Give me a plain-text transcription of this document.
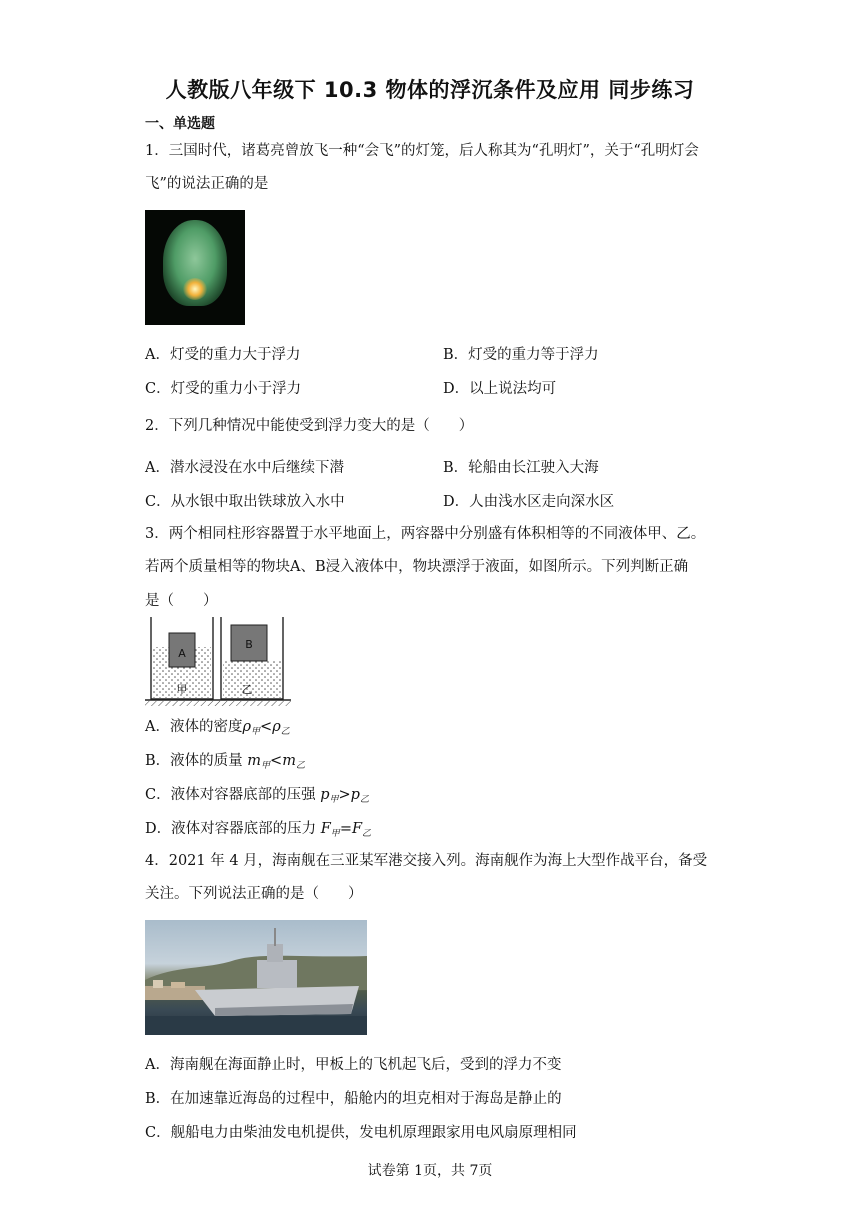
人教版八年级下 10.3 物体的浮沉条件及应用 同步练习
一、单选题
1．三国时代，诸葛亮曾放飞一种“会飞”的灯笼，后人称其为“孔明灯”，关于“孔明灯会
飞”的说法正确的是
A．灯受的重力大于浮力	B．灯受的重力等于浮力
C．灯受的重力小于浮力	D．以上说法均可
2．下列几种情况中能使受到浮力变大的是（　　）
A．潜水浸没在水中后继续下潜	B．轮船由长江驶入大海
C．从水银中取出铁球放入水中	D．人由浅水区走向深水区
3．两个相同柱形容器置于水平地面上，两容器中分别盛有体积相等的不同液体甲、乙。
若两个质量相等的物块A、B浸入液体中，物块漂浮于液面，如图所示。下列判断正确
是（　　）
A
B
甲	乙
A．液体的密度$\rho_甲<\rho_乙$
B．液体的质量 $m_甲<m_乙$
C．液体对容器底部的压强 $p_甲>p_乙$
D．液体对容器底部的压力 $F_甲=F_乙$
4．2021 年 4 月，海南舰在三亚某军港交接入列。海南舰作为海上大型作战平台，备受
关注。下列说法正确的是（　　）
A．海南舰在海面静止时，甲板上的飞机起飞后，受到的浮力不变
B．在加速靠近海岛的过程中，船舱内的坦克相对于海岛是静止的
C．舰船电力由柴油发电机提供，发电机原理跟家用电风扇原理相同
试卷第 1页，共 7页
